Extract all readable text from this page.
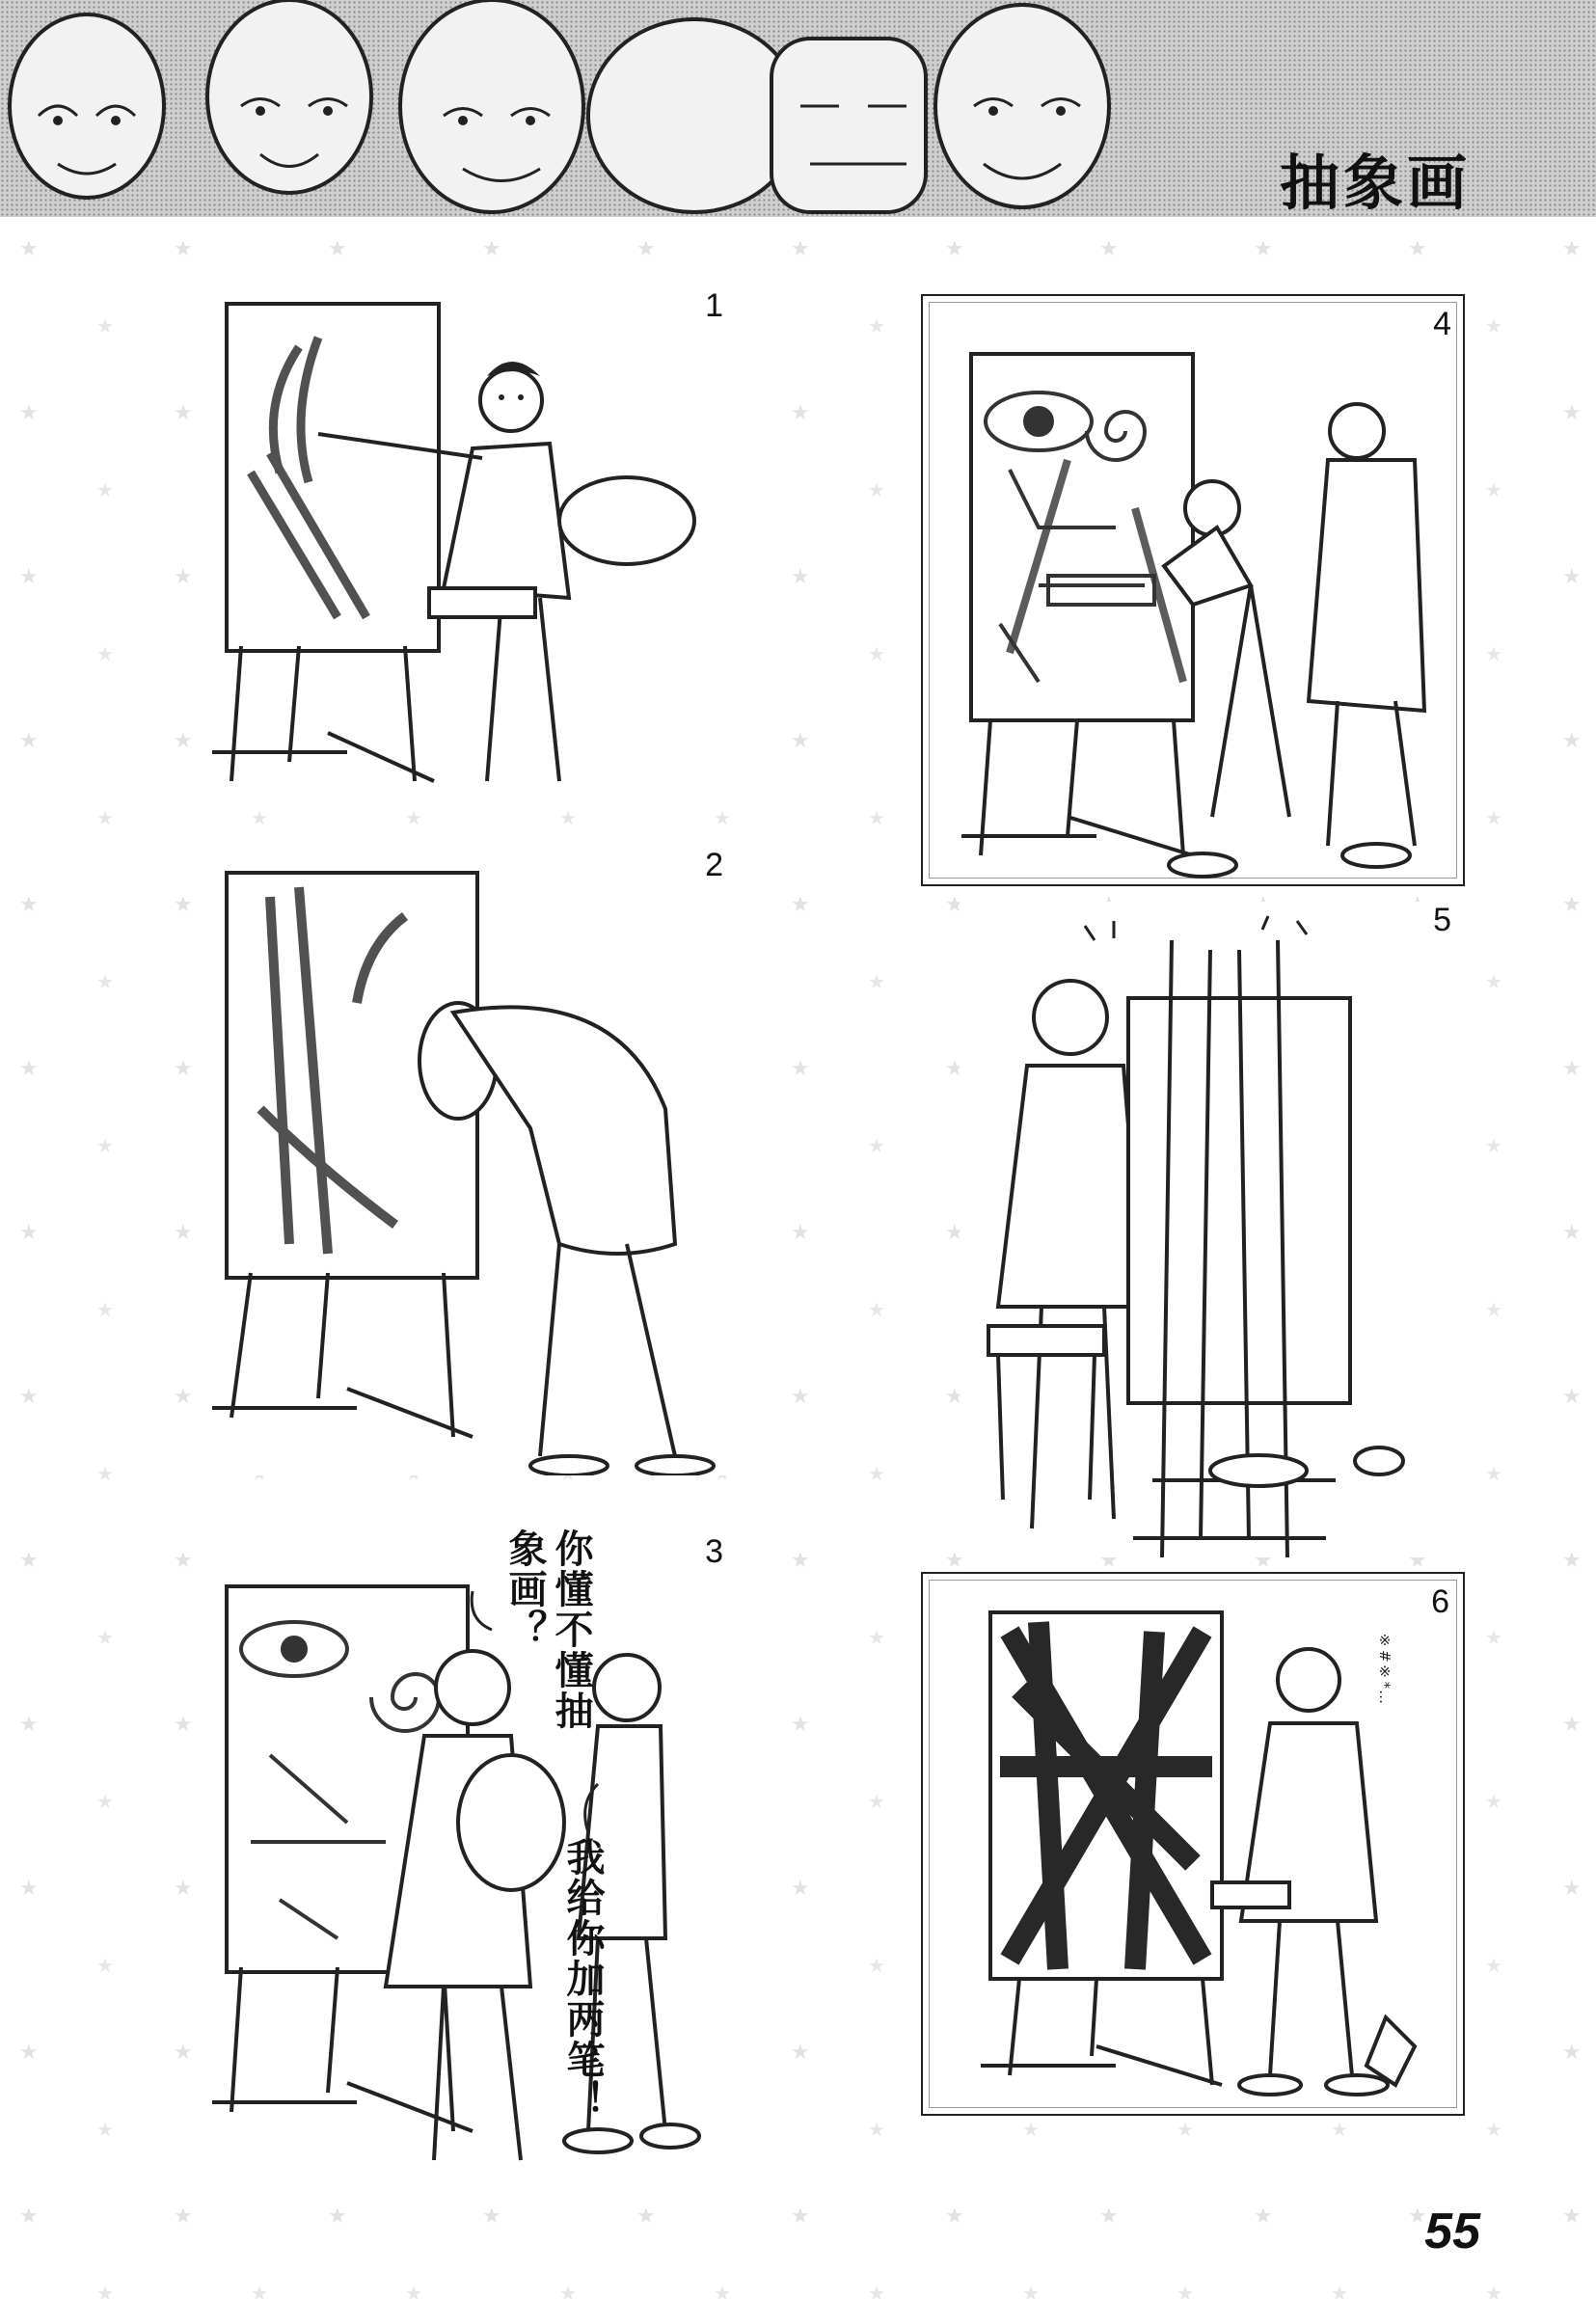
抽象画
1	4
2
5
3
你懂不懂抽象画？
我给你加两笔！
6
※#※*…
55
